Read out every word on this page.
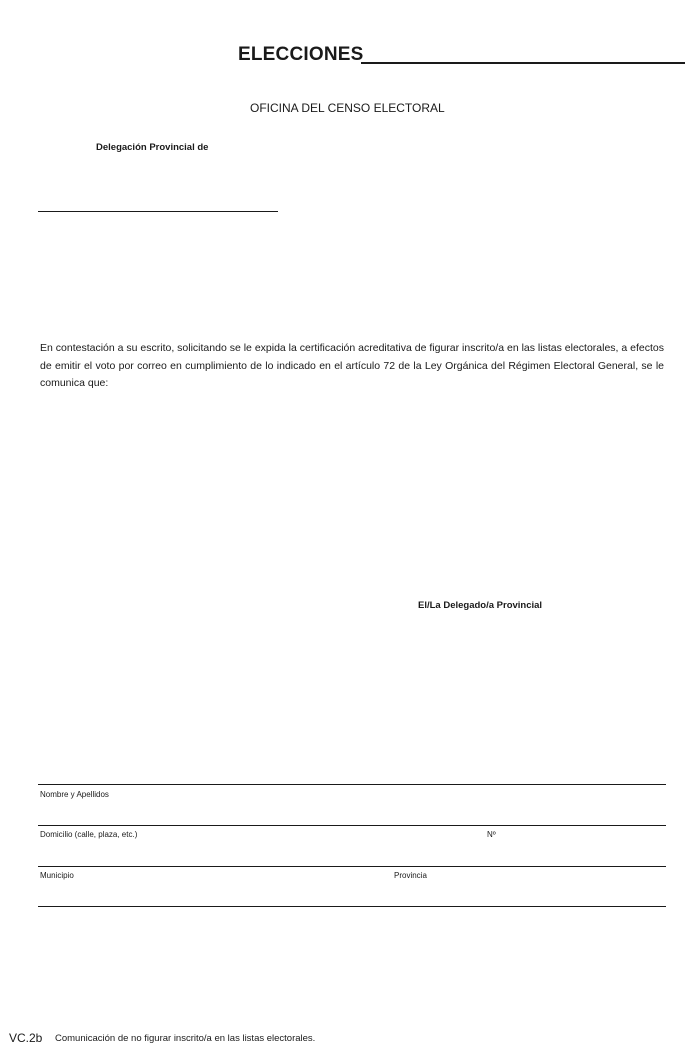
ELECCIONES
OFICINA DEL CENSO ELECTORAL
Delegación Provincial de
En contestación a su escrito, solicitando se le expida la certificación acreditativa de figurar inscrito/a en las listas electorales, a efectos de emitir el voto por correo en cumplimiento de lo indicado en el artículo 72 de la Ley Orgánica del Régimen Electoral General, se le comunica que:
El/La Delegado/a Provincial
Nombre y Apellidos
Domicilio (calle, plaza, etc.)	Nº
Municipio	Provincia
VC.2b Comunicación de no figurar inscrito/a en las listas electorales.
